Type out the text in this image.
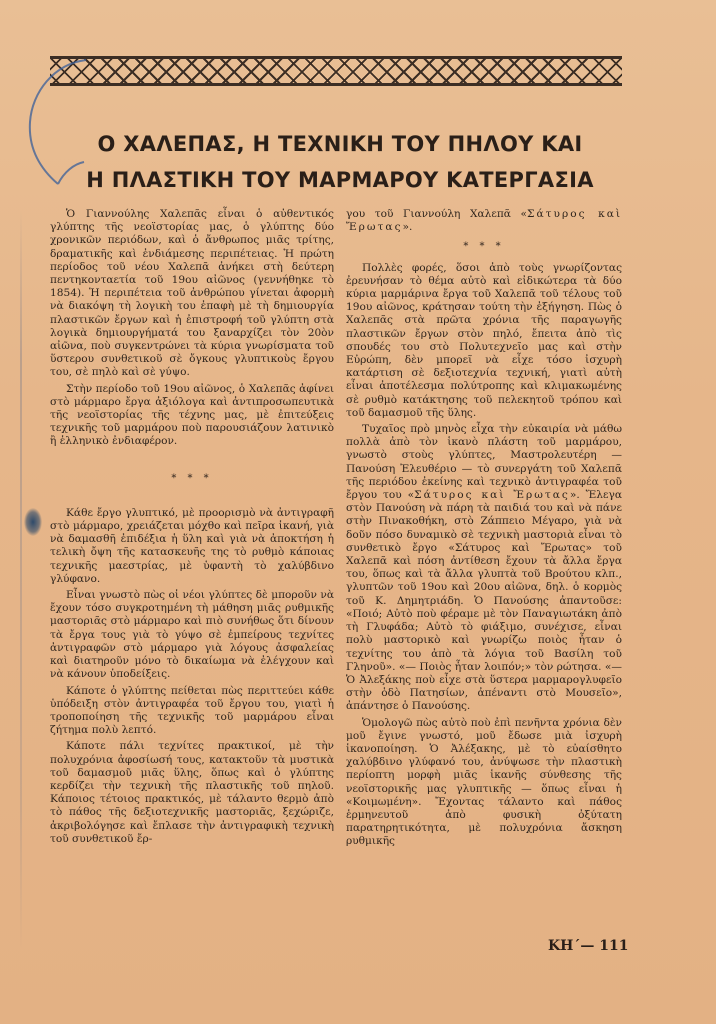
Ο ΧΑΛΕΠΑΣ, Η ΤΕΧΝΙΚΗ ΤΟΥ ΠΗΛΟΥ ΚΑΙ
Η ΠΛΑΣΤΙΚΗ ΤΟΥ ΜΑΡΜΑΡΟΥ ΚΑΤΕΡΓΑΣΙΑ

Ὁ Γιαννούλης Χαλεπᾶς εἶναι ὁ αὐθεντικός γλύπτης τῆς νεοϊστορίας μας, ὁ γλύπτης δύο χρονικῶν περιόδων, καὶ ὁ ἄνθρωπος μιᾶς τρίτης, δραματικῆς καὶ ἐνδιάμεσης περιπέτειας. Ἡ πρώτη περίοδος τοῦ νέου Χαλεπᾶ ἀνήκει στὴ δεύτερη πεντηκονταετία τοῦ 19ου αἰῶνος (γεννήθηκε τὸ 1854). Ἡ περιπέτεια τοῦ ἀνθρώπου γίνεται ἀφορμὴ νὰ διακόψη τὴ λογικὴ του ἐπαφὴ μὲ τὴ δημιουργία πλαστικῶν ἔργων καὶ ἡ ἐπιστροφή τοῦ γλύπτη στὰ λογικὰ δημιουργήματά του ξαναρχίζει τὸν 20ὸν αἰῶνα, ποὺ συγκεντρώνει τὰ κύρια γνωρίσματα τοῦ ὕστερου συνθετικοῦ σὲ ὄγκους γλυπτικοὺς ἔργου του, σὲ πηλὸ καὶ σὲ γύψο.

Στὴν περίοδο τοῦ 19ου αἰῶνος, ὁ Χαλεπᾶς ἀφίνει στὸ μάρμαρο ἔργα ἀξιόλογα καὶ ἀντιπροσωπευτικὰ τῆς νεοϊστορίας τῆς τέχνης μας, μὲ ἐπιτεύξεις τεχνικῆς τοῦ μαρμάρου ποὺ παρουσιάζουν λατινικὸ ἢ ἑλληνικὸ ἐνδιαφέρον.

* * *

Κάθε ἔργο γλυπτικό, μὲ προορισμὸ νὰ ἀντιγραφῆ στὸ μάρμαρο, χρειάζεται μόχθο καὶ πεῖρα ἱκανή, γιὰ νὰ δαμασθῆ ἐπιδέξια ἡ ὕλη καὶ γιὰ νὰ ἀποκτήση ἡ τελικὴ ὄψη τῆς κατασκευῆς της τὸ ρυθμὸ κάποιας τεχνικῆς μαεστρίας, μὲ ὑφαντὴ τὸ χαλύβδινο γλύφανο.

Εἶναι γνωστὸ πὼς οἱ νέοι γλύπτες δὲ μποροῦν νὰ ἔχουν τόσο συγκροτημένη τὴ μάθηση μιᾶς ρυθμικῆς μαστοριᾶς στὸ μάρμαρο καὶ πιὸ συνήθως ὅτι δίνουν τὰ ἔργα τους γιὰ τὸ γύψο σὲ ἐμπείρους τεχνίτες ἀντιγραφῶν στὸ μάρμαρο γιὰ λόγους ἀσφαλείας καὶ διατηροῦν μόνο τὸ δικαίωμα νὰ ἐλέγχουν καὶ νὰ κάνουν ὑποδείξεις.

Κάποτε ὁ γλύπτης πείθεται πὼς περιττεύει κάθε ὑπόδειξη στὸν ἀντιγραφέα τοῦ ἔργου του, γιατὶ ἡ τροποποίηση τῆς τεχνικῆς τοῦ μαρμάρου εἶναι ζήτημα πολὺ λεπτό.

Κάποτε πάλι τεχνίτες πρακτικοί, μὲ τὴν πολυχρόνια ἀφοσίωσή τους, κατακτοῦν τὰ μυστικὰ τοῦ δαμασμοῦ μιᾶς ὕλης, ὅπως καὶ ὁ γλύπτης κερδίζει τὴν τεχνικὴ τῆς πλαστικῆς τοῦ πηλοῦ. Κάποιος τέτοιος πρακτικός, μὲ τάλαντο θερμὸ ἀπὸ τὸ πάθος τῆς δεξιοτεχνικῆς μαστοριᾶς, ξεχώριζε, ἀκριβολόγησε καὶ ἔπλασε τὴν ἀντιγραφικὴ τεχνικὴ τοῦ συνθετικοῦ ἔρ-

γου τοῦ Γιαννούλη Χαλεπᾶ «Σάτυρος καὶ Ἔρωτας».

* * *

Πολλὲς φορές, ὅσοι ἀπὸ τοὺς γνωρίζοντας ἐρευνήσαν τὸ θέμα αὐτὸ καὶ εἰδικώτερα τὰ δύο κύρια μαρμάρινα ἔργα τοῦ Χαλεπᾶ τοῦ τέλους τοῦ 19ου αἰῶνος, κράτησαν τούτη τὴν ἐξήγηση. Πὼς ὁ Χαλεπᾶς στὰ πρῶτα χρόνια τῆς παραγωγῆς πλαστικῶν ἔργων στὸν πηλό, ἔπειτα ἀπὸ τὶς σπουδές του στὸ Πολυτεχνεῖο μας καὶ στὴν Εὐρώπη, δὲν μπορεῖ νὰ εἶχε τόσο ἰσχυρὴ κατάρτιση σὲ δεξιοτεχνία τεχνική, γιατὶ αὐτὴ εἶναι ἀποτέλεσμα πολύτροπης καὶ κλιμακωμένης σὲ ρυθμὸ κατάκτησης τοῦ πελεκητοῦ τρόπου καὶ τοῦ δαμασμοῦ τῆς ὕλης.

Τυχαῖος πρὸ μηνὸς εἶχα τὴν εὐκαιρία νὰ μάθω πολλὰ ἀπὸ τὸν ἱκανὸ πλάστη τοῦ μαρμάρου, γνωστὸ στοὺς γλύπτες, Μαστρολευτέρη — Πανούση Ἐλευθέριο — τὸ συνεργάτη τοῦ Χαλεπᾶ τῆς περιόδου ἐκείνης καὶ τεχνικὸ ἀντιγραφέα τοῦ ἔργου του «Σάτυρος καὶ Ἔρωτας». Ἔλεγα στὸν Πανούση νὰ πάρη τὰ παιδιά του καὶ νὰ πάνε στὴν Πινακοθήκη, στὸ Ζάππειο Μέγαρο, γιὰ νὰ δοῦν πόσο δυναμικὸ σὲ τεχνικὴ μαστοριὰ εἶναι τὸ συνθετικὸ ἔργο «Σάτυρος καὶ Ἔρωτας» τοῦ Χαλεπᾶ καὶ πόση ἀντίθεση ἔχουν τὰ ἄλλα ἔργα του, ὅπως καὶ τὰ ἄλλα γλυπτὰ τοῦ Βρούτου κλπ., γλυπτῶν τοῦ 19ου καὶ 20ου αἰῶνα, δηλ. ὁ κορμὸς τοῦ Κ. Δημητριάδη. Ὁ Πανούσης ἀπαντοῦσε: «Ποιό; Αὐτὸ ποὺ φέραμε μὲ τὸν Παναγιωτάκη ἀπὸ τὴ Γλυφάδα; Αὐτὸ τὸ φιάξιμο, συνέχισε, εἶναι πολὺ μαστορικὸ καὶ γνωρίζω ποιὸς ἦταν ὁ τεχνίτης του ἀπὸ τὰ λόγια τοῦ Βασίλη τοῦ Γληνοῦ». «— Ποιὸς ἦταν λοιπόν;» τὸν ρώτησα. «—Ὁ Ἀλεξάκης ποὺ εἶχε στὰ ὕστερα μαρμαρογλυφεῖο στὴν ὁδὸ Πατησίων, ἀπέναντι στὸ Μουσεῖο», ἀπάντησε ὁ Πανούσης.

Ὁμολογῶ πὼς αὐτὸ ποὺ ἐπὶ πενῆντα χρόνια δὲν μοῦ ἔγινε γνωστό, μοῦ ἔδωσε μιὰ ἰσχυρὴ ἱκανοποίηση. Ὁ Ἀλέξακης, μὲ τὸ εὐαίσθητο χαλύβδινο γλύφανό του, ἀνύψωσε τὴν πλαστικὴ περίοπτη μορφὴ μιᾶς ἱκανῆς σύνθεσης τῆς νεοϊστορικῆς μας γλυπτικῆς — ὅπως εἶναι ἡ «Κοιμωμένη». Ἔχοντας τάλαντο καὶ πάθος ἑρμηνευτοῦ ἀπὸ φυσικὴ ὀξύτατη παρατηρητικότητα, μὲ πολυχρόνια ἄσκηση ρυθμικῆς

ΚΗ΄— 111
